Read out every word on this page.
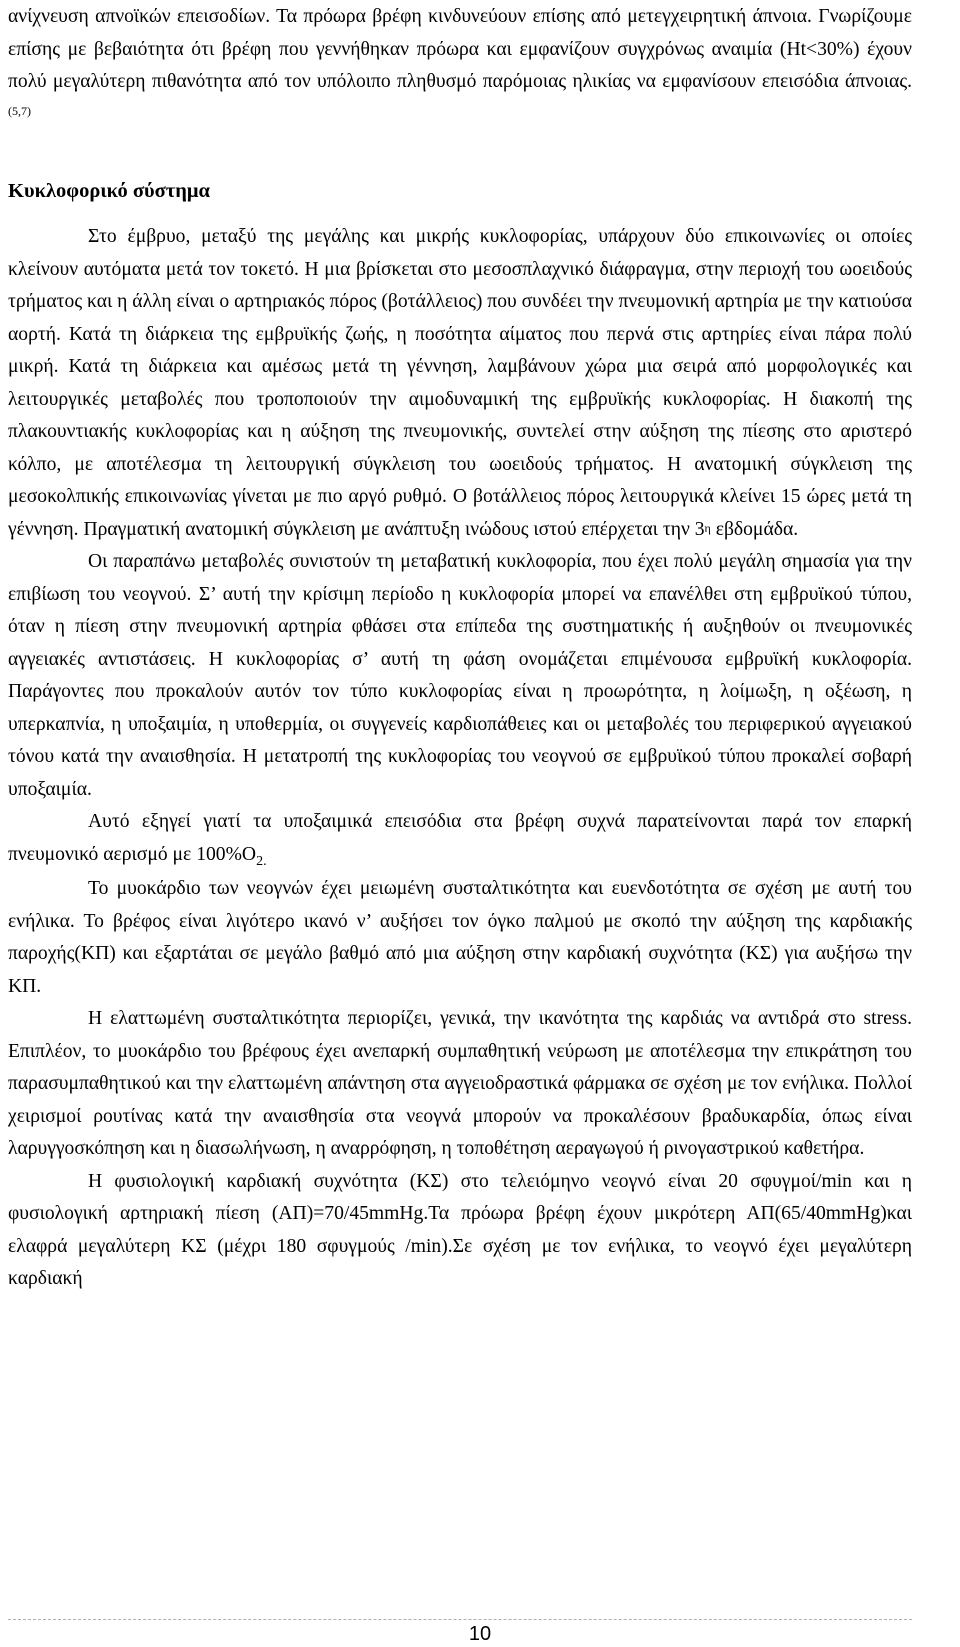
ανίχνευση απνοϊκών επεισοδίων. Τα πρόωρα βρέφη κινδυνεύουν επίσης από μετεγχειρητική άπνοια. Γνωρίζουμε επίσης με βεβαιότητα ότι βρέφη που γεννήθηκαν πρόωρα και εμφανίζουν συγχρόνως αναιμία (Ht<30%) έχουν πολύ μεγαλύτερη πιθανότητα από τον υπόλοιπο πληθυσμό παρόμοιας ηλικίας να εμφανίσουν επεισόδια άπνοιας.$^{(5,7)}$

Κυκλοφορικό σύστημα

Στο έμβρυο, μεταξύ της μεγάλης και μικρής κυκλοφορίας, υπάρχουν δύο επικοινωνίες οι οποίες κλείνουν αυτόματα μετά τον τοκετό. Η μια βρίσκεται στο μεσοσπλαχνικό διάφραγμα, στην περιοχή του ωοειδούς τρήματος και η άλλη είναι ο αρτηριακός πόρος (βοτάλλειος) που συνδέει την πνευμονική αρτηρία με την κατιούσα αορτή. Κατά τη διάρκεια της εμβρυϊκής ζωής, η ποσότητα αίματος που περνά στις αρτηρίες είναι πάρα πολύ μικρή. Κατά τη διάρκεια και αμέσως μετά τη γέννηση, λαμβάνουν χώρα μια σειρά από μορφολογικές και λειτουργικές μεταβολές που τροποποιούν την αιμοδυναμική της εμβρυϊκής κυκλοφορίας. Η διακοπή της πλακουντιακής κυκλοφορίας και η αύξηση της πνευμονικής, συντελεί στην αύξηση της πίεσης στο αριστερό κόλπο, με αποτέλεσμα τη λειτουργική σύγκλειση του ωοειδούς τρήματος. Η ανατομική σύγκλειση της μεσοκολπικής επικοινωνίας γίνεται με πιο αργό ρυθμό. Ο βοτάλλειος πόρος λειτουργικά κλείνει 15 ώρες μετά τη γέννηση. Πραγματική ανατομική σύγκλειση με ανάπτυξη ινώδους ιστού επέρχεται την $3^\eta$ εβδομάδα.

Οι παραπάνω μεταβολές συνιστούν τη μεταβατική κυκλοφορία, που έχει πολύ μεγάλη σημασία για την επιβίωση του νεογνού. Σ’ αυτή την κρίσιμη περίοδο η κυκλοφορία μπορεί να επανέλθει στη εμβρυϊκού τύπου, όταν η πίεση στην πνευμονική αρτηρία φθάσει στα επίπεδα της συστηματικής ή αυξηθούν οι πνευμονικές αγγειακές αντιστάσεις. Η κυκλοφορίας σ’ αυτή τη φάση ονομάζεται επιμένουσα εμβρυϊκή κυκλοφορία. Παράγοντες που προκαλούν αυτόν τον τύπο κυκλοφορίας είναι η προωρότητα, η λοίμωξη, η οξέωση, η υπερκαπνία, η υποξαιμία, η υποθερμία, οι συγγενείς καρδιοπάθειες και οι μεταβολές του περιφερικού αγγειακού τόνου κατά την αναισθησία. Η μετατροπή της κυκλοφορίας του νεογνού σε εμβρυϊκού τύπου προκαλεί σοβαρή υποξαιμία.

Αυτό εξηγεί γιατί τα υποξαιμικά επεισόδια στα βρέφη συχνά παρατείνονται παρά τον επαρκή πνευμονικό αερισμό με $100\%O_{2.}$

Το μυοκάρδιο των νεογνών έχει μειωμένη συσταλτικότητα και ευενδοτότητα σε σχέση με αυτή του ενήλικα. Το βρέφος είναι λιγότερο ικανό ν’ αυξήσει τον όγκο παλμού με σκοπό την αύξηση της καρδιακής παροχής(ΚΠ) και εξαρτάται σε μεγάλο βαθμό από μια αύξηση στην καρδιακή συχνότητα (ΚΣ) για αυξήσω την ΚΠ.

Η ελαττωμένη συσταλτικότητα περιορίζει, γενικά, την ικανότητα της καρδιάς να αντιδρά στο stress. Επιπλέον, το μυοκάρδιο του βρέφους έχει ανεπαρκή συμπαθητική νεύρωση με αποτέλεσμα την επικράτηση του παρασυμπαθητικού και την ελαττωμένη απάντηση στα αγγειοδραστικά φάρμακα σε σχέση με τον ενήλικα. Πολλοί χειρισμοί ρουτίνας κατά την αναισθησία στα νεογνά μπορούν να προκαλέσουν βραδυκαρδία, όπως είναι λαρυγγοσκόπηση και η διασωλήνωση, η αναρρόφηση, η τοποθέτηση αεραγωγού ή ρινογαστρικού καθετήρα.

Η φυσιολογική καρδιακή συχνότητα (ΚΣ) στο τελειόμηνο νεογνό είναι 20 σφυγμοί/min και η φυσιολογική αρτηριακή πίεση (ΑΠ)=70/45mmHg.Τα πρόωρα βρέφη έχουν μικρότερη ΑΠ(65/40mmHg)και ελαφρά μεγαλύτερη ΚΣ (μέχρι 180 σφυγμούς /min).Σε σχέση με τον ενήλικα, το νεογνό έχει μεγαλύτερη καρδιακή

10
